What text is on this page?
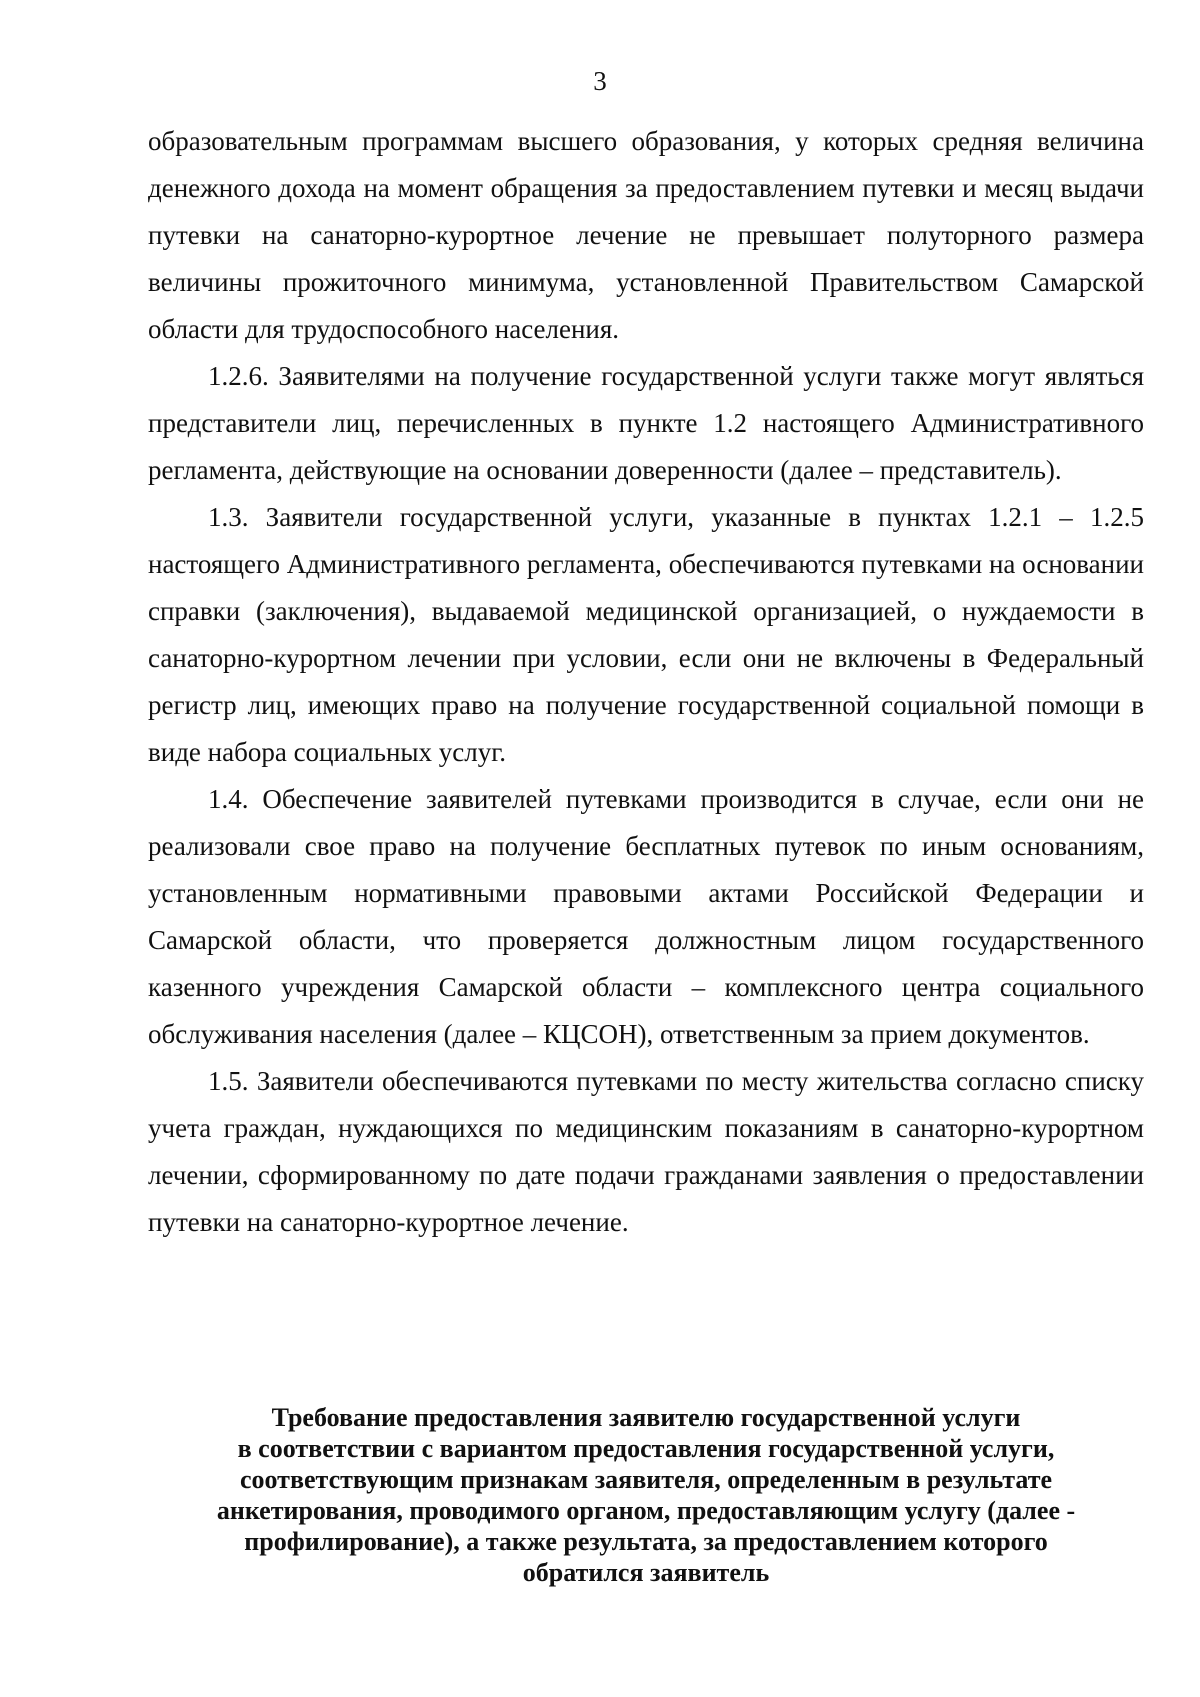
3

образовательным программам высшего образования, у которых средняя величина денежного дохода на момент обращения за предоставлением путевки и месяц выдачи путевки на санаторно-курортное лечение не превышает полуторного размера величины прожиточного минимума, установленной Правительством Самарской области для трудоспособного населения.

1.2.6. Заявителями на получение государственной услуги также могут являться представители лиц, перечисленных в пункте 1.2 настоящего Административного регламента, действующие на основании доверенности (далее – представитель).

1.3. Заявители государственной услуги, указанные в пунктах 1.2.1 – 1.2.5 настоящего Административного регламента, обеспечиваются путевками на основании справки (заключения), выдаваемой медицинской организацией, о нуждаемости в санаторно-курортном лечении при условии, если они не включены в Федеральный регистр лиц, имеющих право на получение государственной социальной помощи в виде набора социальных услуг.

1.4. Обеспечение заявителей путевками производится в случае, если они не реализовали свое право на получение бесплатных путевок по иным основаниям, установленным нормативными правовыми актами Российской Федерации и Самарской области, что проверяется должностным лицом государственного казенного учреждения Самарской области – комплексного центра социального обслуживания населения (далее – КЦСОН), ответственным за прием документов.

1.5. Заявители обеспечиваются путевками по месту жительства согласно списку учета граждан, нуждающихся по медицинским показаниям в санаторно-курортном лечении, сформированному по дате подачи гражданами заявления о предоставлении путевки на санаторно-курортное лечение.

Требование предоставления заявителю государственной услуги
в соответствии с вариантом предоставления государственной услуги,
соответствующим признакам заявителя, определенным в результате
анкетирования, проводимого органом, предоставляющим услугу (далее -
профилирование), а также результата, за предоставлением которого
обратился заявитель
